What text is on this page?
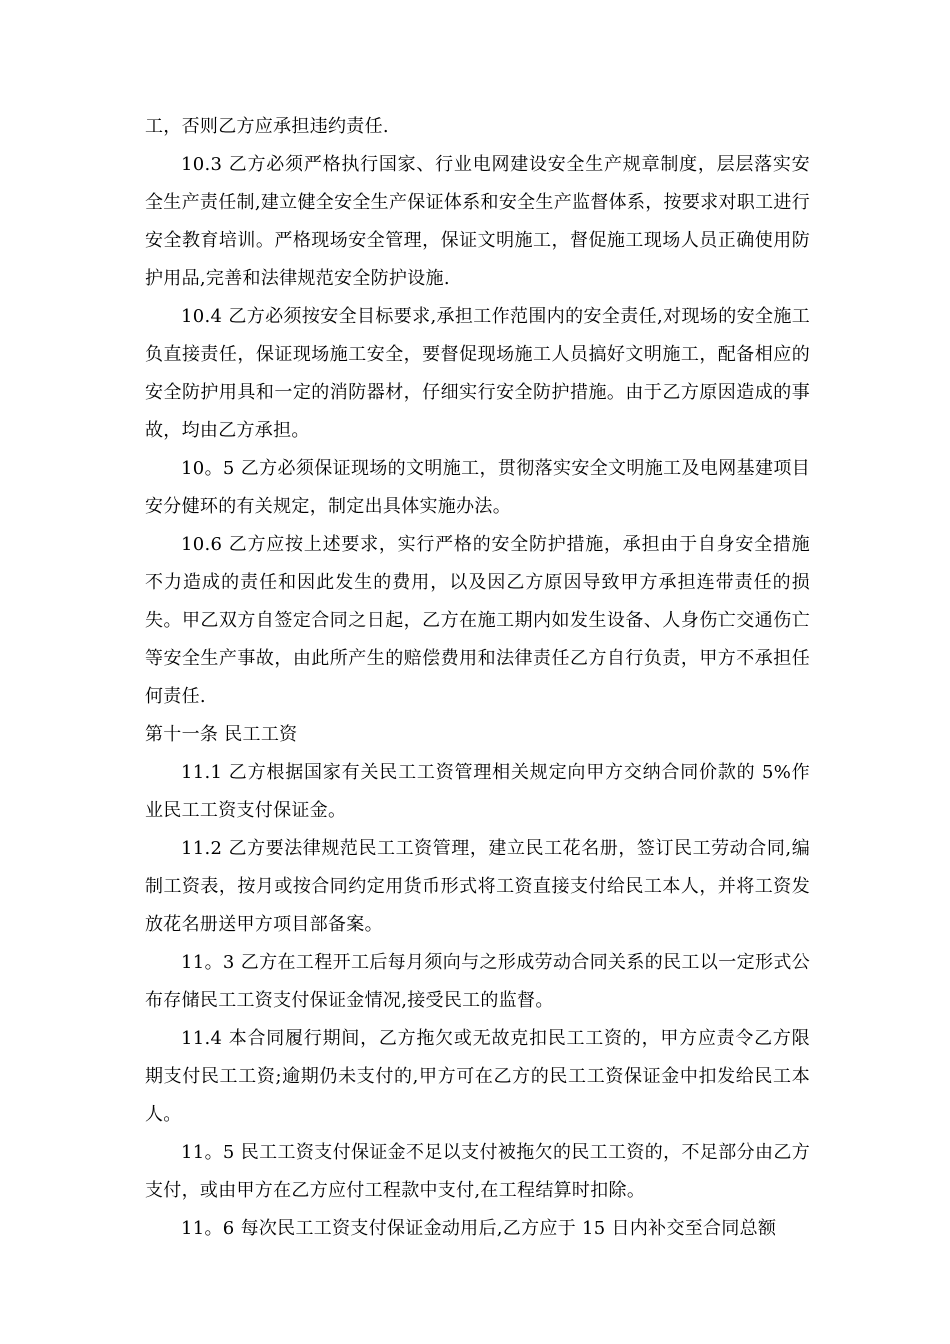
工，否则乙方应承担违约责任.

10.3 乙方必须严格执行国家、行业电网建设安全生产规章制度，层层落实安全生产责任制,建立健全安全生产保证体系和安全生产监督体系，按要求对职工进行安全教育培训。严格现场安全管理，保证文明施工，督促施工现场人员正确使用防护用品,完善和法律规范安全防护设施.

10.4 乙方必须按安全目标要求,承担工作范围内的安全责任,对现场的安全施工负直接责任，保证现场施工安全，要督促现场施工人员搞好文明施工，配备相应的安全防护用具和一定的消防器材，仔细实行安全防护措施。由于乙方原因造成的事故，均由乙方承担。

10。5 乙方必须保证现场的文明施工，贯彻落实安全文明施工及电网基建项目安分健环的有关规定，制定出具体实施办法。

10.6 乙方应按上述要求，实行严格的安全防护措施，承担由于自身安全措施不力造成的责任和因此发生的费用，以及因乙方原因导致甲方承担连带责任的损失。甲乙双方自签定合同之日起，乙方在施工期内如发生设备、人身伤亡交通伤亡等安全生产事故，由此所产生的赔偿费用和法律责任乙方自行负责，甲方不承担任何责任.

第十一条 民工工资

11.1 乙方根据国家有关民工工资管理相关规定向甲方交纳合同价款的 5%作业民工工资支付保证金。

11.2 乙方要法律规范民工工资管理，建立民工花名册，签订民工劳动合同,编制工资表，按月或按合同约定用货币形式将工资直接支付给民工本人，并将工资发放花名册送甲方项目部备案。

11。3 乙方在工程开工后每月须向与之形成劳动合同关系的民工以一定形式公布存储民工工资支付保证金情况,接受民工的监督。

11.4 本合同履行期间，乙方拖欠或无故克扣民工工资的，甲方应责令乙方限期支付民工工资;逾期仍未支付的,甲方可在乙方的民工工资保证金中扣发给民工本人。

11。5 民工工资支付保证金不足以支付被拖欠的民工工资的，不足部分由乙方支付，或由甲方在乙方应付工程款中支付,在工程结算时扣除。

11。6 每次民工工资支付保证金动用后,乙方应于 15 日内补交至合同总额
